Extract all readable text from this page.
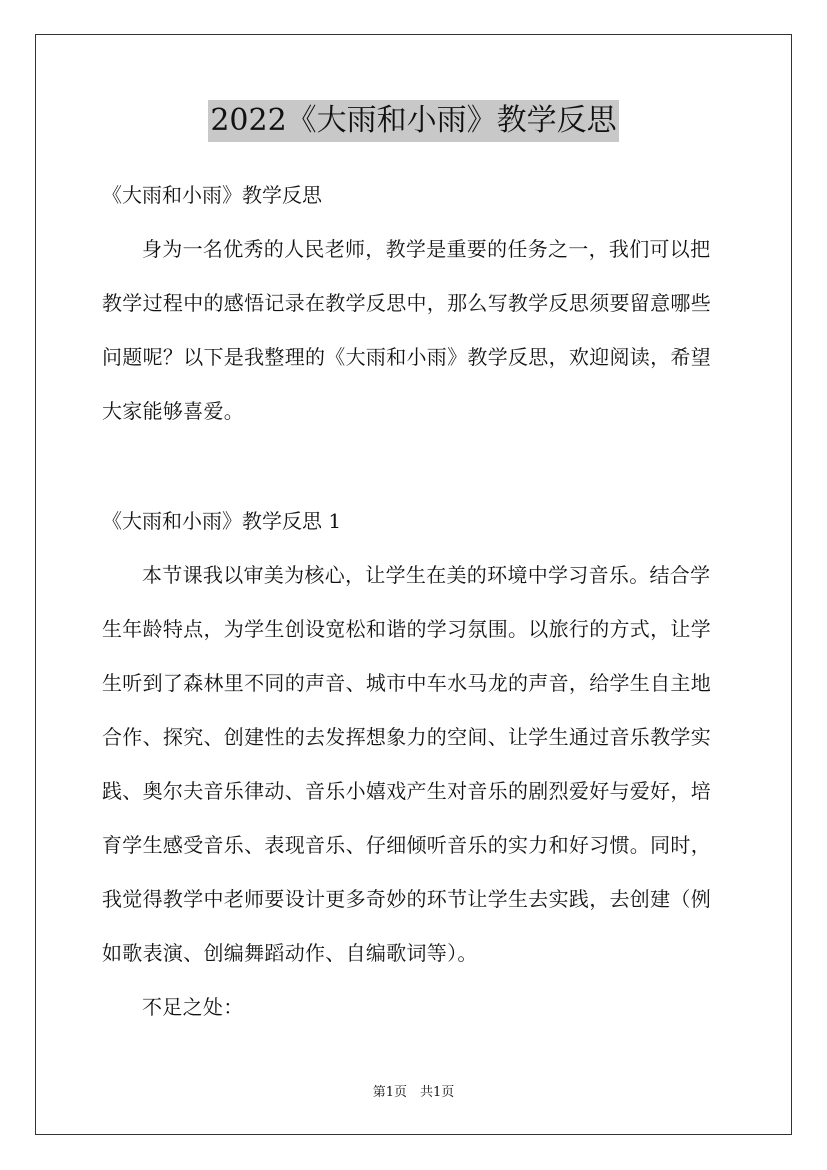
2022《大雨和小雨》教学反思
《大雨和小雨》教学反思
身为一名优秀的人民老师，教学是重要的任务之一，我们可以把
教学过程中的感悟记录在教学反思中，那么写教学反思须要留意哪些
问题呢？以下是我整理的《大雨和小雨》教学反思，欢迎阅读，希望
大家能够喜爱。
《大雨和小雨》教学反思 1
本节课我以审美为核心，让学生在美的环境中学习音乐。结合学
生年龄特点，为学生创设宽松和谐的学习氛围。以旅行的方式，让学
生听到了森林里不同的声音、城市中车水马龙的声音，给学生自主地
合作、探究、创建性的去发挥想象力的空间、让学生通过音乐教学实
践、奥尔夫音乐律动、音乐小嬉戏产生对音乐的剧烈爱好与爱好，培
育学生感受音乐、表现音乐、仔细倾听音乐的实力和好习惯。同时，
我觉得教学中老师要设计更多奇妙的环节让学生去实践，去创建（例
如歌表演、创编舞蹈动作、自编歌词等）。
不足之处：
第1页　共1页
